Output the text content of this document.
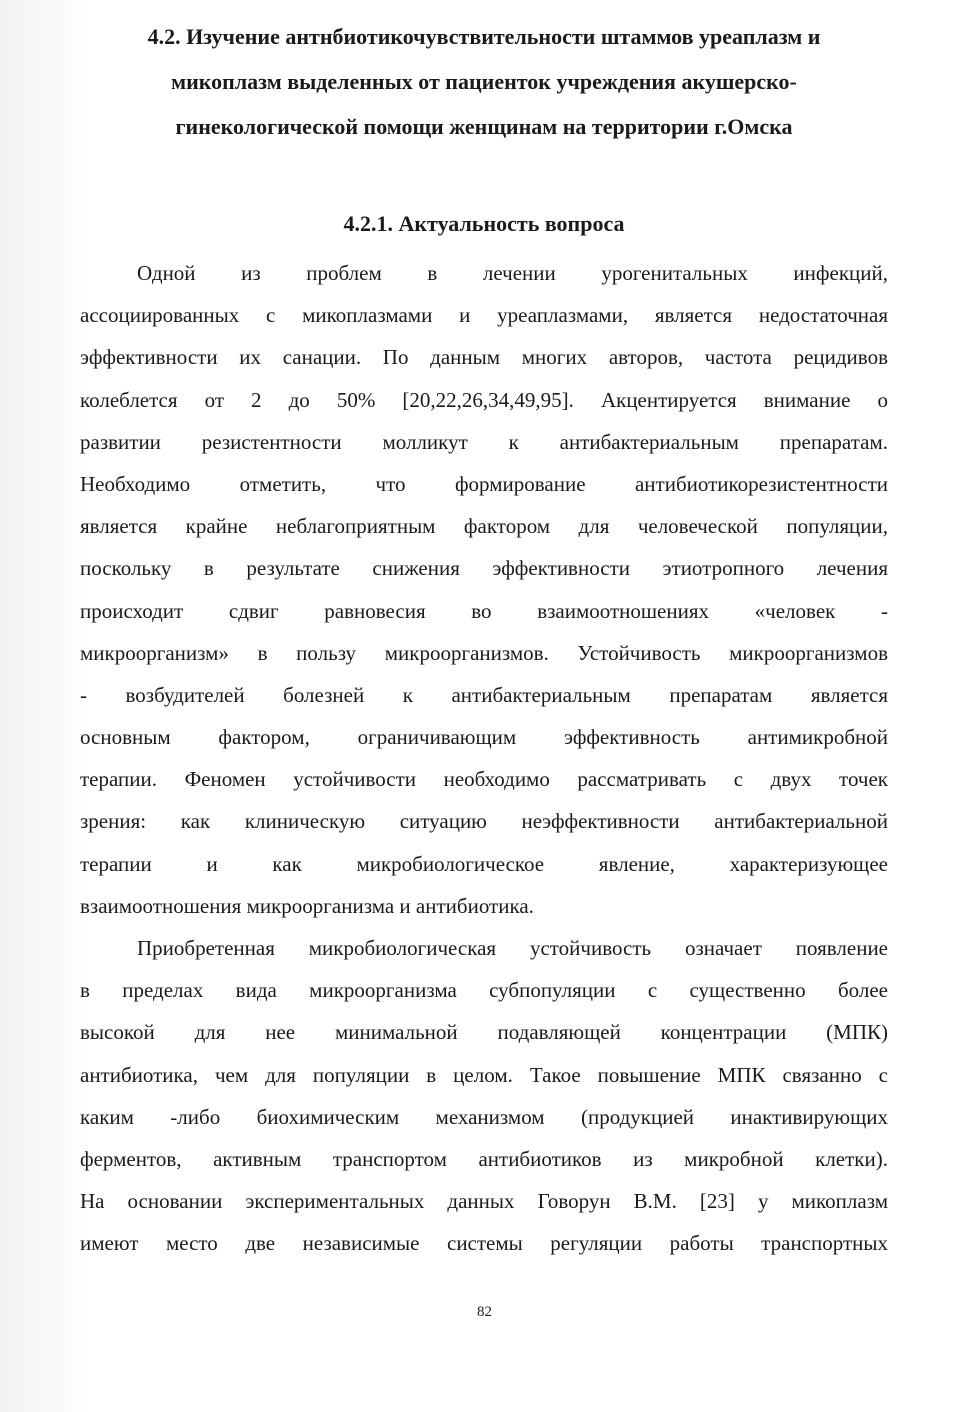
4.2. Изучение антнбиотикочувствительности штаммов уреаплазм и
микоплазм выделенных от пациенток учреждения акушерско-
гинекологической помощи женщинам на территории г.Омска
4.2.1. Актуальность вопроса
Одной из проблем в лечении урогенитальных инфекций,
ассоциированных с микоплазмами и уреаплазмами, является недостаточная
эффективности их санации. По данным многих авторов, частота рецидивов
колеблется от 2 до 50% [20,22,26,34,49,95]. Акцентируется внимание о
развитии резистентности молликут к антибактериальным препаратам.
Необходимо отметить, что формирование антибиотикорезистентности
является крайне неблагоприятным фактором для человеческой популяции,
поскольку в результате снижения эффективности этиотропного лечения
происходит сдвиг равновесия во взаимоотношениях «человек -
микроорганизм» в пользу микроорганизмов. Устойчивость микроорганизмов
- возбудителей болезней к антибактериальным препаратам является
основным фактором, ограничивающим эффективность антимикробной
терапии. Феномен устойчивости необходимо рассматривать с двух точек
зрения: как клиническую ситуацию неэффективности антибактериальной
терапии и как микробиологическое явление, характеризующее
взаимоотношения микроорганизма и антибиотика.
Приобретенная микробиологическая устойчивость означает появление
в пределах вида микроорганизма субпопуляции с существенно более
высокой для нее минимальной подавляющей концентрации (МПК)
антибиотика, чем для популяции в целом. Такое повышение МПК связанно с
каким -либо биохимическим механизмом (продукцией инактивирующих
ферментов, активным транспортом антибиотиков из микробной клетки).
На основании экспериментальных данных Говорун В.М. [23] у микоплазм
имеют место две независимые системы регуляции работы транспортных
82
